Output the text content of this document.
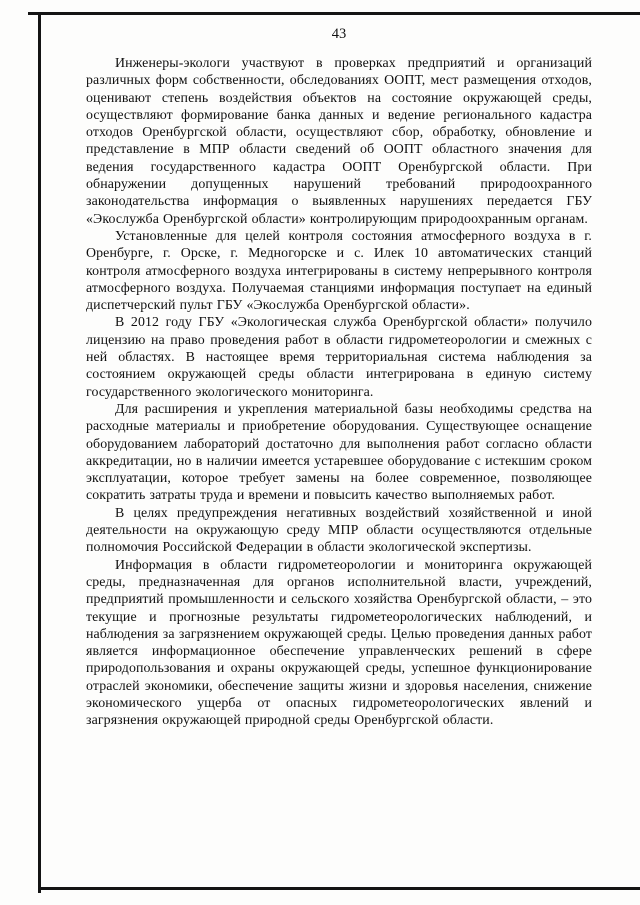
43

Инженеры-экологи участвуют в проверках предприятий и организаций различных форм собственности, обследованиях ООПТ, мест размещения отходов, оценивают степень воздействия объектов на состояние окружающей среды, осуществляют формирование банка данных и ведение регионального кадастра отходов Оренбургской области, осуществляют сбор, обработку, обновление и представление в МПР области сведений об ООПТ областного значения для ведения государственного кадастра ООПТ Оренбургской области. При обнаружении допущенных нарушений требований природоохранного законодательства информация о выявленных нарушениях передается ГБУ «Экослужба Оренбургской области» контролирующим природоохранным органам.

Установленные для целей контроля состояния атмосферного воздуха в г. Оренбурге, г. Орске, г. Медногорске и с. Илек 10 автоматических станций контроля атмосферного воздуха интегрированы в систему непрерывного контроля атмосферного воздуха. Получаемая станциями информация поступает на единый диспетчерский пульт ГБУ «Экослужба Оренбургской области».

В 2012 году ГБУ «Экологическая служба Оренбургской области» получило лицензию на право проведения работ в области гидрометеорологии и смежных с ней областях. В настоящее время территориальная система наблюдения за состоянием окружающей среды области интегрирована в единую систему государственного экологического мониторинга.

Для расширения и укрепления материальной базы необходимы средства на расходные материалы и приобретение оборудования. Существующее оснащение оборудованием лабораторий достаточно для выполнения работ согласно области аккредитации, но в наличии имеется устаревшее оборудование с истекшим сроком эксплуатации, которое требует замены на более современное, позволяющее сократить затраты труда и времени и повысить качество выполняемых работ.

В целях предупреждения негативных воздействий хозяйственной и иной деятельности на окружающую среду МПР области осуществляются отдельные полномочия Российской Федерации в области экологической экспертизы.

Информация в области гидрометеорологии и мониторинга окружающей среды, предназначенная для органов исполнительной власти, учреждений, предприятий промышленности и сельского хозяйства Оренбургской области, – это текущие и прогнозные результаты гидрометеорологических наблюдений, и наблюдения за загрязнением окружающей среды. Целью проведения данных работ является информационное обеспечение управленческих решений в сфере природопользования и охраны окружающей среды, успешное функционирование отраслей экономики, обеспечение защиты жизни и здоровья населения, снижение экономического ущерба от опасных гидрометеорологических явлений и загрязнения окружающей природной среды Оренбургской области.
